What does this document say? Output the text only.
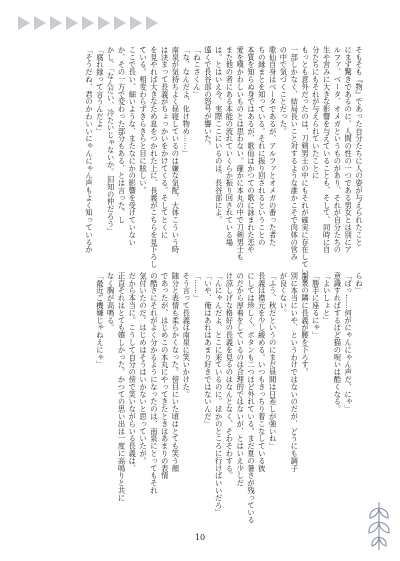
そもそも『物』であった自分たちに人の姿が与えられたこと
にまず驚きであるのに、人間の性の一つである男女とは別にア
ルファ、ベータ、オメガというものがあり、それが自分たちの
生や営みに大きな影響を与えていることも、そして、同時に自
分たちにもそれが与えられていたことに
もっとも意外だったのは、刀剣男士の中にもそれが確実に存在している
一部しかなく、結局長いこと対するような誰かこそで肉体の営み
の中で気づくことだった。
歌仙自身はベータであるが、アルファとオメガの番った者た
ちの縁まとを知っている。それに振り回されるということの
本質を知らぬ身ではあるが、歌仙はかつての歌に詠まれた恋や
愛を嘆かわしいものとは思わない。確かに本丸の中で刀剣男士も
また他の者にある本能の流れていくらか振り回されている場
は。とはいえ今、実際ここにいるのは、長谷部によ。
遠くで長谷部の怒号が響いた。
「ねこさくん」
「な、なんだよ、化け物め……」
南泉が気持ちよく昼寝しているのは嫌な気配、大体こういう時
は決まって長義がちょっかいをかけてくる。そしてとくに
を見やれば大きなため息をつかれた上に、長義がこちらを見下ろし
ている。相変わらずきらきらと目に眩しい。
ここで長い、細いような、またなにかの影響を受けていない
か、その一方で変わった部分もある、とは言った。し
かし、「なんだい、冷たいじゃないか。旧知の仲だろう」
「腐れ縁って言うんだよ」
「そうだね、君のかわいいにゃんにゃん声もよく知っているか
らね」
「ぱっ……何がにゃんにゃん声だ、にゃ」
意識すればするほど猫の呪いは酷くなる。
「よいしょと」
「勝手に座るにゃ」
南泉の隣に長義が腰を下ろす。
別に本当にいや、というわけではないのだが、どうにも調子
が良くない。
「ふう、秋だというのにまだ昼間は日差しが強いね」
長義は襟元を少し緩める。いつもきっちり着こなしている彼
にしては珍しく、ボタンも二つほど外れている。まだ夏の暑さが残っている
のだから厚着をしているのは合理的ではないが、とはいえ少しだ
け涼しげな格好の長義を見るのはなんとなく、そわそわする。
「んにゃんだよ、とこに来ているのに。ほかのところに行けばいいだろ」
「いや、俺はあれはあまり好きではないんだ」
「……」
そう言って長義は南泉に笑いかけた。
随分と表情も柔らかくなった。傍目にいた頃はとても笑う顔
であったが、はじめこの本丸にやってきたときはあまりの表情
の酷さにそれがよく分かるようになったのは、南泉にとってもそれ
気付いたのだ。はじめはそうはいかないと思っていたが。
だから本当に。こうして自分の傍で笑いながらいる長義は、
正直それはとても嬉しかった。かつての思い出は一度に高鳴りと共に
なく胸が高鳴る。
「最近ご機嫌じゃねえにゃ」
10
